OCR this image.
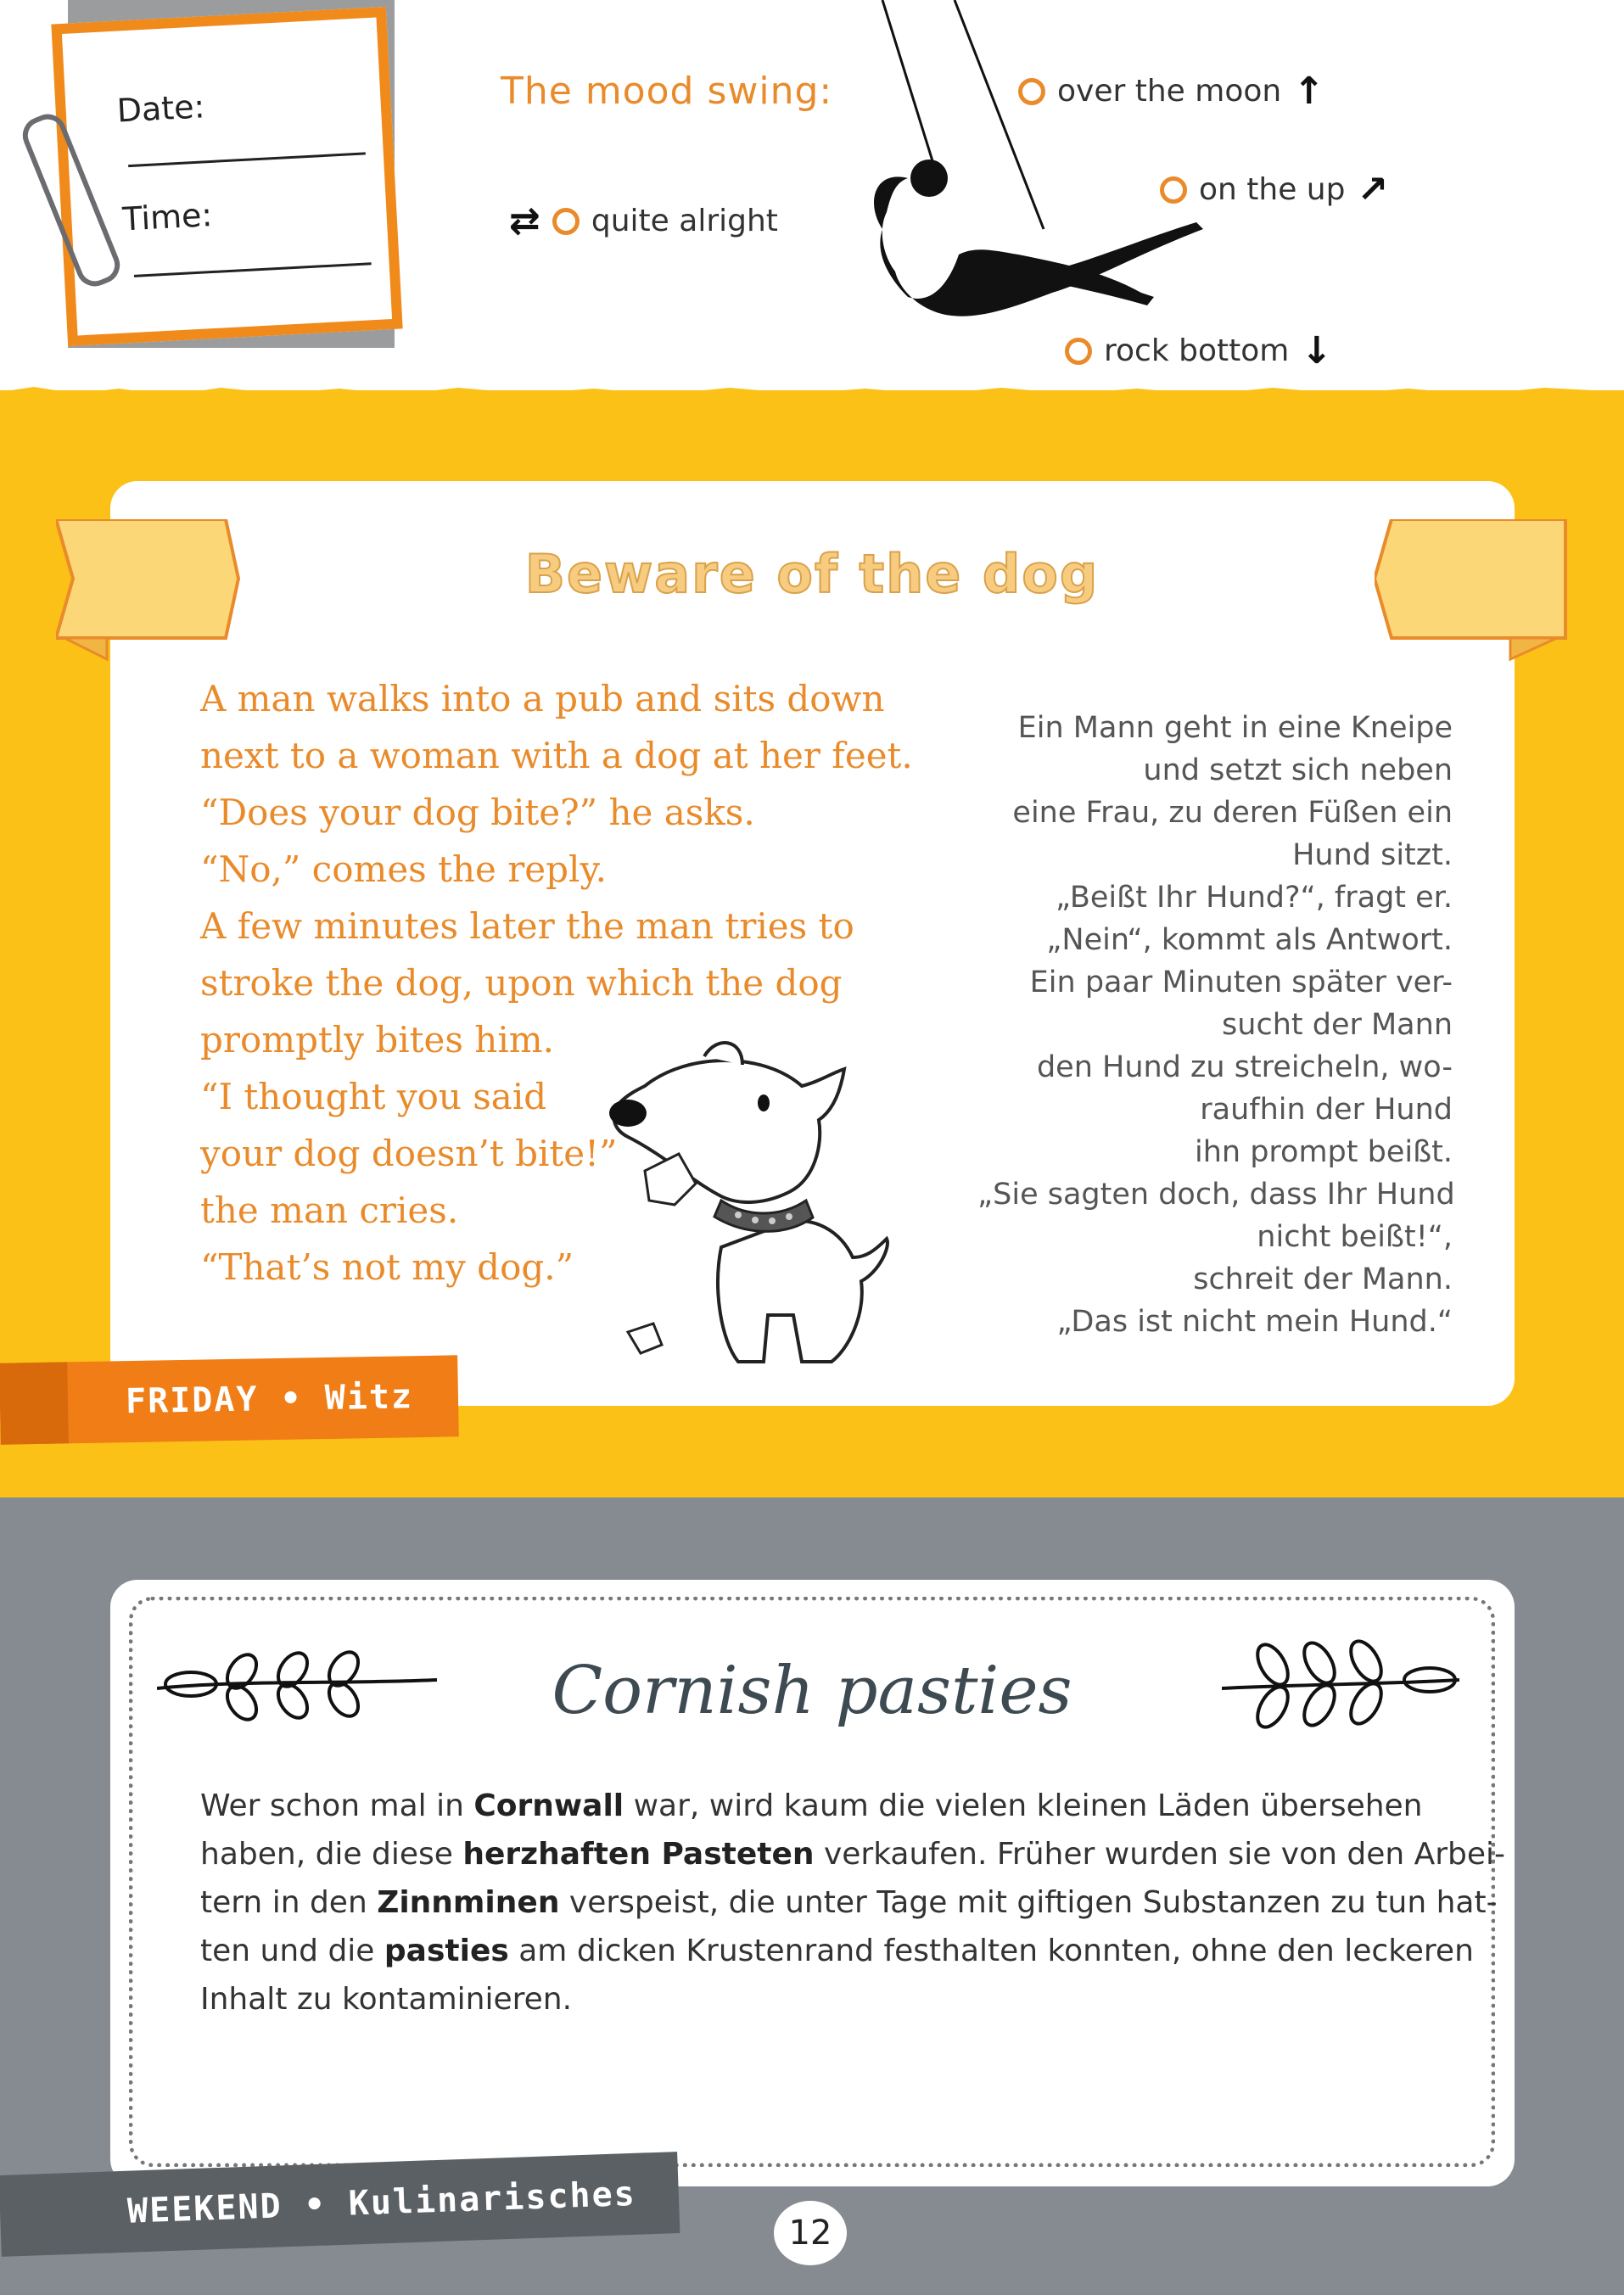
Date:
Time:
The mood swing:	over the moon ↑
on the up ↗
⇄ quite alright
rock bottom ↓
Beware of the dog
A man walks into a pub and sits down
next to a woman with a dog at her feet.
“Does your dog bite?” he asks.
“No,” comes the reply.
A few minutes later the man tries to
stroke the dog, upon which the dog
promptly bites him.
“I thought you said
your dog doesn’t bite!”
the man cries.
“That’s not my dog.”
Ein Mann geht in eine Kneipe
und setzt sich neben
eine Frau, zu deren Füßen ein
Hund sitzt.
„Beißt Ihr Hund?“, fragt er.
„Nein“, kommt als Antwort.
Ein paar Minuten später ver-
sucht der Mann
den Hund zu streicheln, wo-
raufhin der Hund
ihn prompt beißt.
„Sie sagten doch, dass Ihr Hund
nicht beißt!“,
schreit der Mann.
„Das ist nicht mein Hund.“
FRIDAY • Witz
Cornish pasties
Wer schon mal in Cornwall war, wird kaum die vielen kleinen Läden übersehen
haben, die diese herzhaften Pasteten verkaufen. Früher wurden sie von den Arbei-
tern in den Zinnminen verspeist, die unter Tage mit giftigen Substanzen zu tun hat-
ten und die pasties am dicken Krustenrand festhalten konnten, ohne den leckeren
Inhalt zu kontaminieren.
WEEKEND • Kulinarisches
12
